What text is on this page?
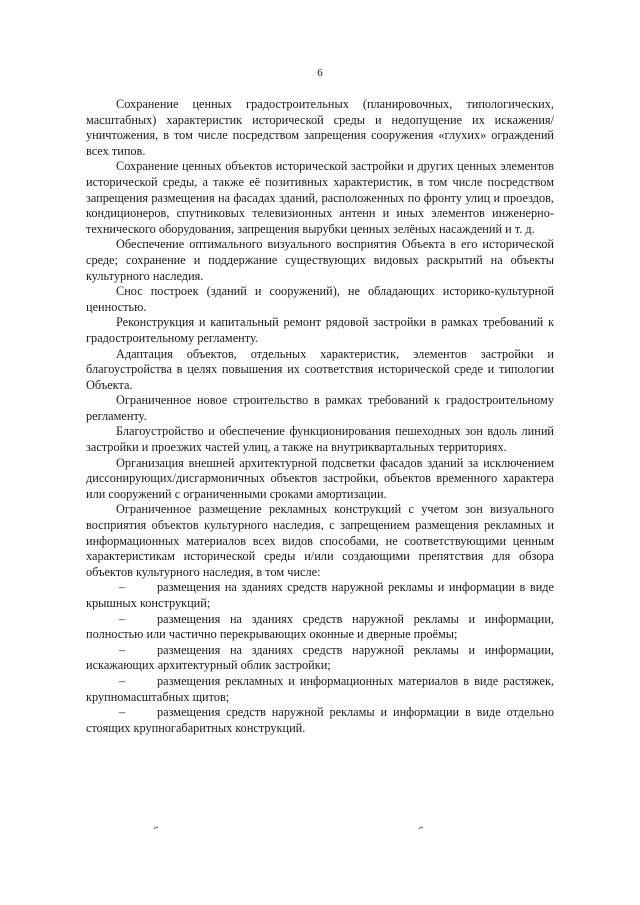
6

Сохранение ценных градостроительных (планировочных, типологических, масштабных) характеристик исторической среды и недопущение их искажения/уничтожения, в том числе посредством запрещения сооружения «глухих» ограждений всех типов.

Сохранение ценных объектов исторической застройки и других ценных элементов исторической среды, а также её позитивных характеристик, в том числе посредством запрещения размещения на фасадах зданий, расположенных по фронту улиц и проездов, кондиционеров, спутниковых телевизионных антенн и иных элементов инженерно-технического оборудования, запрещения вырубки ценных зелёных насаждений и т. д.

Обеспечение оптимального визуального восприятия Объекта в его исторической среде; сохранение и поддержание существующих видовых раскрытий на объекты культурного наследия.

Снос построек (зданий и сооружений), не обладающих историко-культурной ценностью.

Реконструкция и капитальный ремонт рядовой застройки в рамках требований к градостроительному регламенту.

Адаптация объектов, отдельных характеристик, элементов застройки и благоустройства в целях повышения их соответствия исторической среде и типологии Объекта.

Ограниченное новое строительство в рамках требований к градостроительному регламенту.

Благоустройство и обеспечение функционирования пешеходных зон вдоль линий застройки и проезжих частей улиц, а также на внутриквартальных территориях.

Организация внешней архитектурной подсветки фасадов зданий за исключением диссонирующих/дисгармоничных объектов застройки, объектов временного характера или сооружений с ограниченными сроками амортизации.

Ограниченное размещение рекламных конструкций с учетом зон визуального восприятия объектов культурного наследия, с запрещением размещения рекламных и информационных материалов всех видов способами, не соответствующими ценным характеристикам исторической среды и/или создающими препятствия для обзора объектов культурного наследия, в том числе:

–	размещения на зданиях средств наружной рекламы и информации в виде крышных конструкций;

–	размещения на зданиях средств наружной рекламы и информации, полностью или частично перекрывающих оконные и дверные проёмы;

–	размещения на зданиях средств наружной рекламы и информации, искажающих архитектурный облик застройки;

–	размещения рекламных и информационных материалов в виде растяжек, крупномасштабных щитов;

–	размещения средств наружной рекламы и информации в виде отдельно стоящих крупногабаритных конструкций.
